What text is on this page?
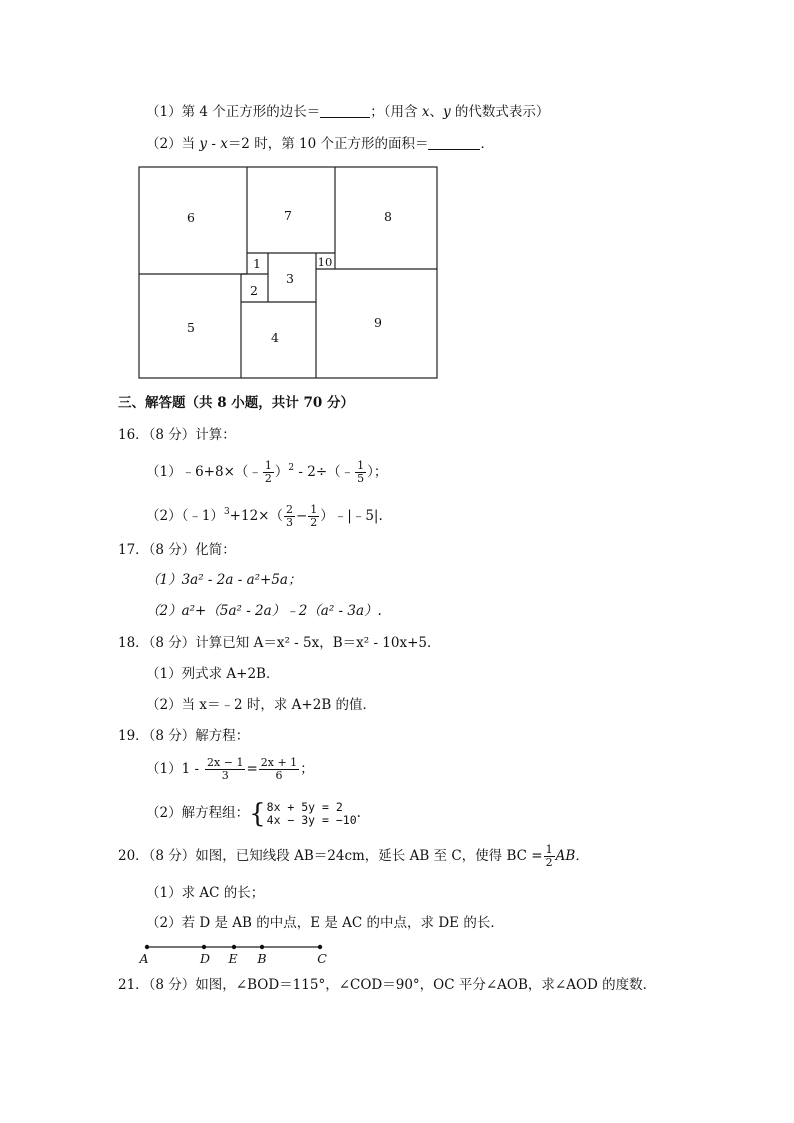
（1）第 4 个正方形的边长＝	；（用含 x、y 的代数式表示）
（2）当 y - x＝2 时，第 10 个正方形的面积＝	．
1
2
3
4
5
6	7	8
9
10
三、解答题（共 8 小题，共计 70 分）
16．（8 分）计算：
（1）﹣6+8×（﹣ $\frac{1}{2} )^2$ - 2÷（﹣ $\frac{1}{5}$ ）；
（2）（﹣1）$^3$+12×（ $\frac{2}{3} - \frac{1}{2}$ ）﹣|﹣5|.
17．（8 分）化简：
（1）3a² - 2a - a²+5a；
（2）a²+（5a² - 2a）﹣2（a² - 3a）.
18．（8 分）计算已知 A＝x² - 5x，B＝x² - 10x+5．
（1）列式求 A+2B．
（2）当 x＝﹣2 时，求 A+2B 的值．
19．（8 分）解方程：
$(1)1 - \frac{2x - 1}{3} = \frac{2x + 1}{6}$ ；
（2）解方程组：{ 8x + 5y = 2
4x − 3y = −10 .
20．（8 分）如图，已知线段 AB＝24cm，延长 AB 至 C，使得 BC = $\frac{1}{2}$ AB．
（1）求 AC 的长；
（2）若 D 是 AB 的中点，E 是 AC 的中点，求 DE 的长．
A	D E B	C
21．（8 分）如图，∠BOD＝115°，∠COD＝90°，OC 平分∠AOB，求∠AOD 的度数．
